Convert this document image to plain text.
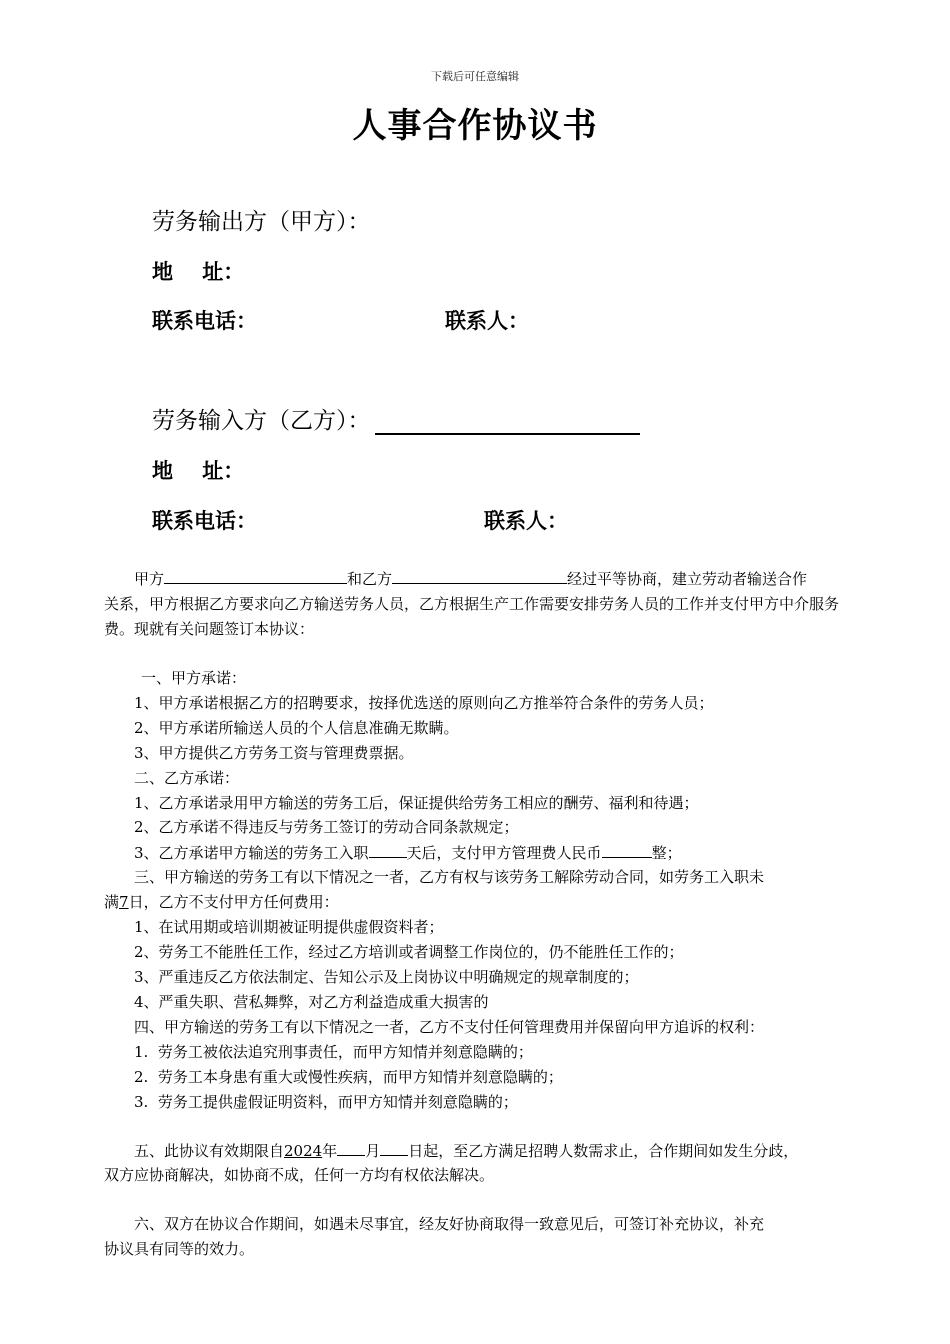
下载后可任意编辑
人事合作协议书
劳务输出方（甲方）：
地    址：
联系电话：	联系人：
劳务输入方（乙方）：
地    址：
联系电话：	联系人：
甲方	和乙方	经过平等协商，建立劳动者输送合作
关系，甲方根据乙方要求向乙方输送劳务人员，乙方根据生产工作需要安排劳务人员的工作并支付甲方中介服务费。现就有关问题签订本协议：
一、甲方承诺：
1、甲方承诺根据乙方的招聘要求，按择优选送的原则向乙方推举符合条件的劳务人员；
2、甲方承诺所输送人员的个人信息准确无欺瞒。
3、甲方提供乙方劳务工资与管理费票据。
二、乙方承诺：
1、乙方承诺录用甲方输送的劳务工后，保证提供给劳务工相应的酬劳、福利和待遇；
2、乙方承诺不得违反与劳务工签订的劳动合同条款规定；
3、乙方承诺甲方输送的劳务工入职	天后，支付甲方管理费人民币	整；
三、甲方输送的劳务工有以下情况之一者，乙方有权与该劳务工解除劳动合同，如劳务工入职未
满7日，乙方不支付甲方任何费用：
1、在试用期或培训期被证明提供虚假资料者；
2、劳务工不能胜任工作，经过乙方培训或者调整工作岗位的，仍不能胜任工作的；
3、严重违反乙方依法制定、告知公示及上岗协议中明确规定的规章制度的；
4、严重失职、营私舞弊，对乙方利益造成重大损害的
四、甲方输送的劳务工有以下情况之一者，乙方不支付任何管理费用并保留向甲方追诉的权利：
1.  劳务工被依法追究刑事责任，而甲方知情并刻意隐瞒的；
2.  劳务工本身患有重大或慢性疾病，而甲方知情并刻意隐瞒的；
3.  劳务工提供虚假证明资料，而甲方知情并刻意隐瞒的；
五、此协议有效期限自2024年 月 日起，至乙方满足招聘人数需求止，合作期间如发生分歧，
双方应协商解决，如协商不成，任何一方均有权依法解决。
六、双方在协议合作期间，如遇未尽事宜，经友好协商取得一致意见后，可签订补充协议，补充
协议具有同等的效力。
